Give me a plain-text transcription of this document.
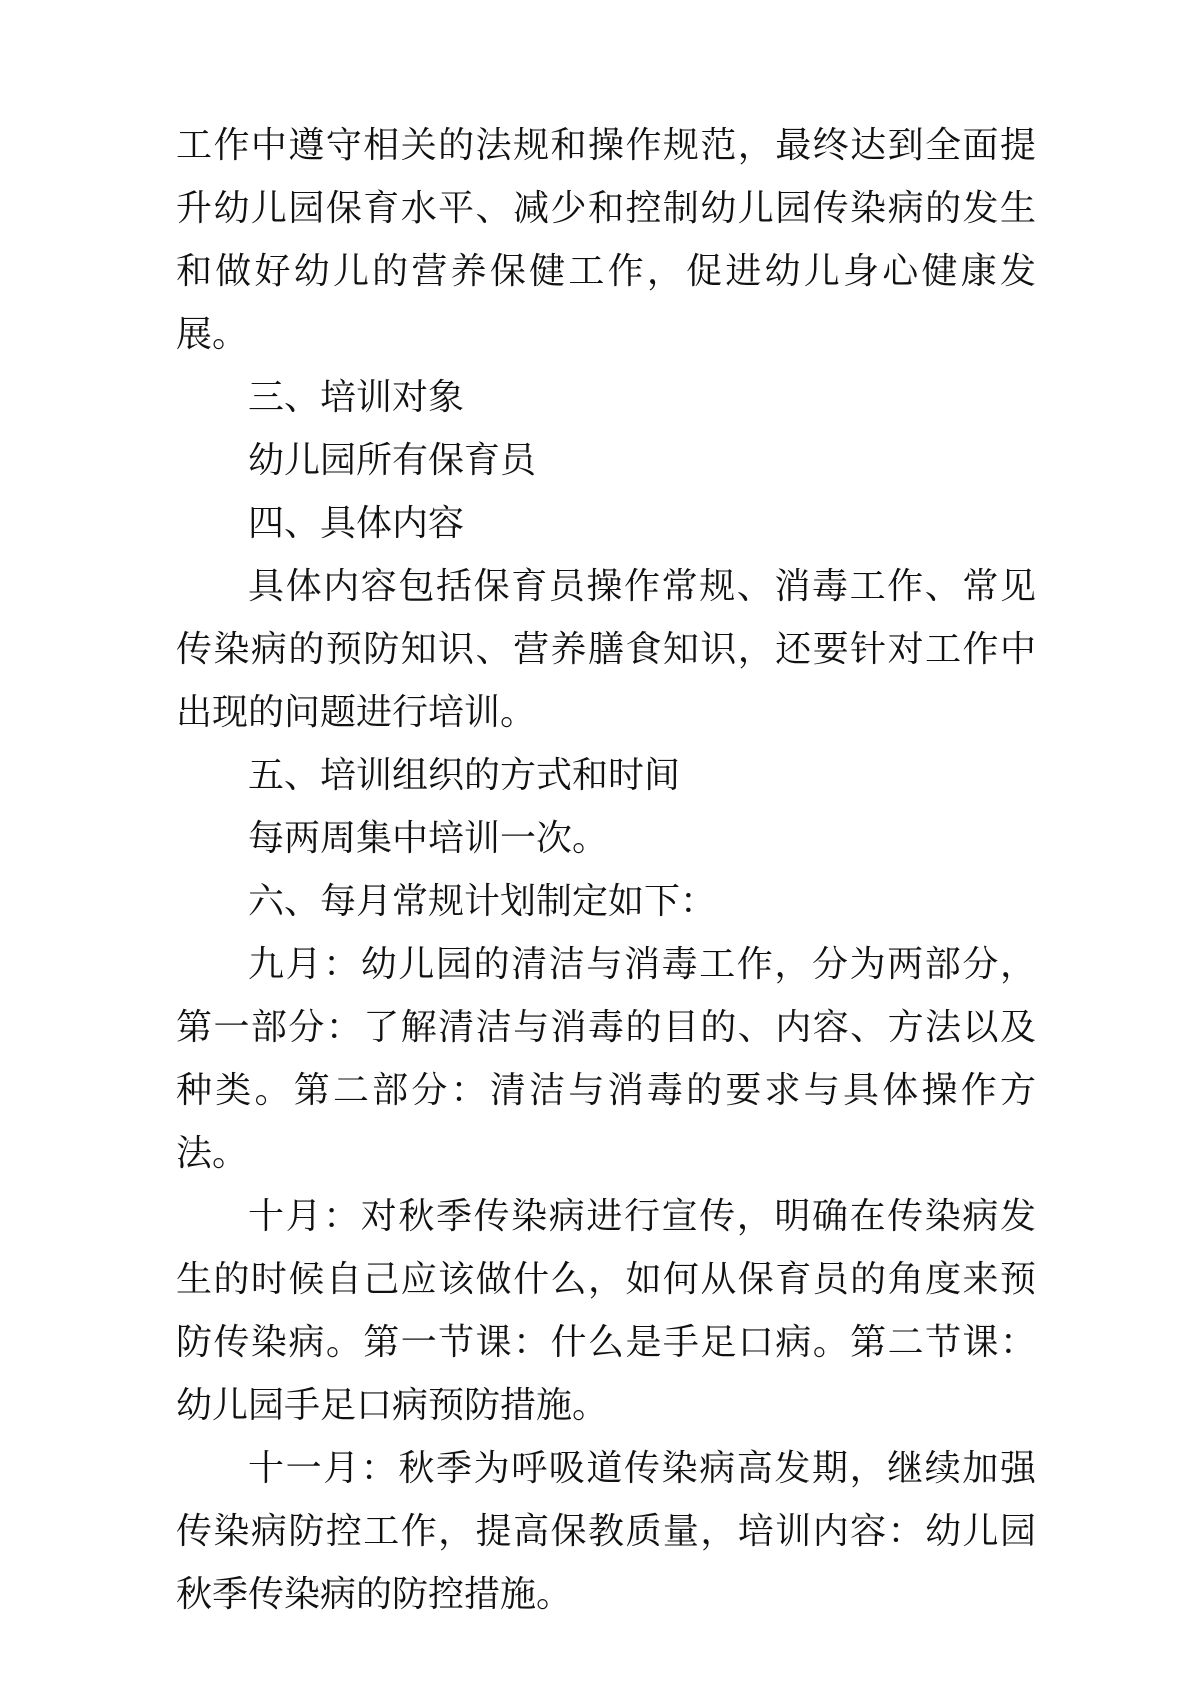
工作中遵守相关的法规和操作规范，最终达到全面提升幼儿园保育水平、减少和控制幼儿园传染病的发生和做好幼儿的营养保健工作，促进幼儿身心健康发展。

三、培训对象

幼儿园所有保育员

四、具体内容

具体内容包括保育员操作常规、消毒工作、常见传染病的预防知识、营养膳食知识，还要针对工作中出现的问题进行培训。

五、培训组织的方式和时间

每两周集中培训一次。

六、每月常规计划制定如下：

九月：幼儿园的清洁与消毒工作，分为两部分，第一部分：了解清洁与消毒的目的、内容、方法以及种类。第二部分：清洁与消毒的要求与具体操作方法。

十月：对秋季传染病进行宣传，明确在传染病发生的时候自己应该做什么，如何从保育员的角度来预防传染病。第一节课：什么是手足口病。第二节课：幼儿园手足口病预防措施。

十一月：秋季为呼吸道传染病高发期，继续加强传染病防控工作，提高保教质量，培训内容：幼儿园秋季传染病的防控措施。
